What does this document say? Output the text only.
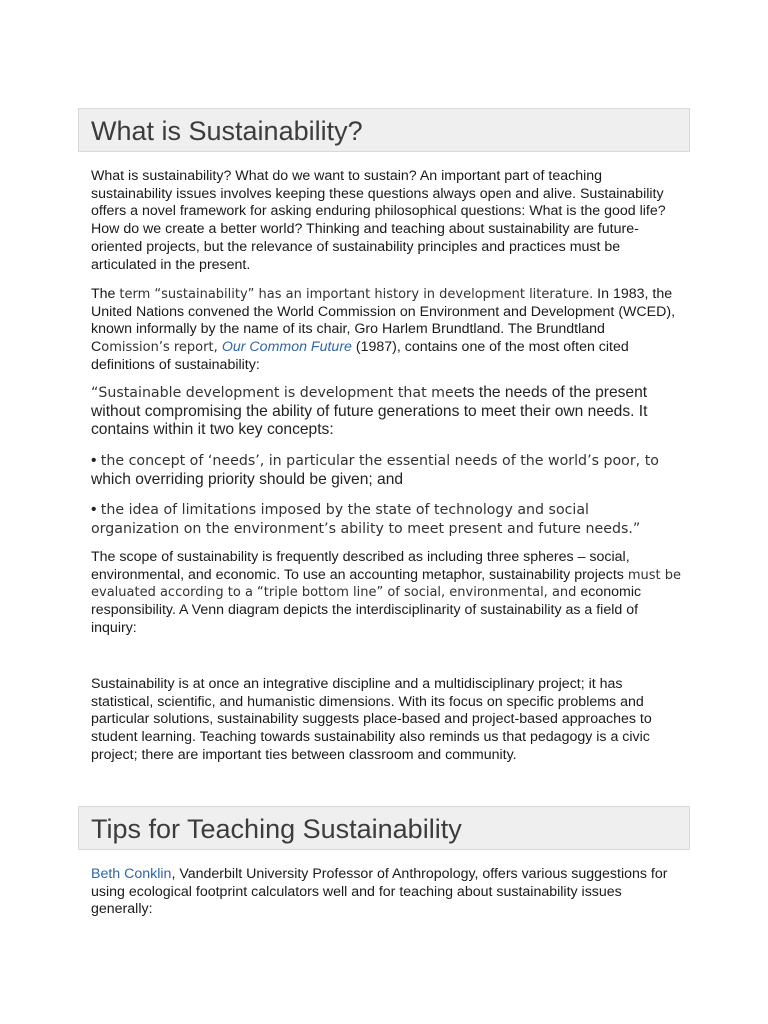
What is Sustainability?

What is sustainability? What do we want to sustain? An important part of teaching sustainability issues involves keeping these questions always open and alive. Sustainability offers a novel framework for asking enduring philosophical questions: What is the good life? How do we create a better world? Thinking and teaching about sustainability are future-oriented projects, but the relevance of sustainability principles and practices must be articulated in the present.

The term “sustainability” has an important history in development literature. In 1983, the United Nations convened the World Commission on Environment and Development (WCED), known informally by the name of its chair, Gro Harlem Brundtland. The Brundtland Comission’s report, Our Common Future (1987), contains one of the most often cited definitions of sustainability:

“Sustainable development is development that meets the needs of the present without compromising the ability of future generations to meet their own needs. It contains within it two key concepts:
• the concept of ‘needs’, in particular the essential needs of the world’s poor, to which overriding priority should be given; and
• the idea of limitations imposed by the state of technology and social organization on the environment’s ability to meet present and future needs.”

The scope of sustainability is frequently described as including three spheres – social, environmental, and economic. To use an accounting metaphor, sustainability projects must be evaluated according to a “triple bottom line” of social, environmental, and economic responsibility. A Venn diagram depicts the interdisciplinarity of sustainability as a field of inquiry:

Sustainability is at once an integrative discipline and a multidisciplinary project; it has statistical, scientific, and humanistic dimensions. With its focus on specific problems and particular solutions, sustainability suggests place-based and project-based approaches to student learning. Teaching towards sustainability also reminds us that pedagogy is a civic project; there are important ties between classroom and community.

Tips for Teaching Sustainability

Beth Conklin, Vanderbilt University Professor of Anthropology, offers various suggestions for using ecological footprint calculators well and for teaching about sustainability issues generally:
